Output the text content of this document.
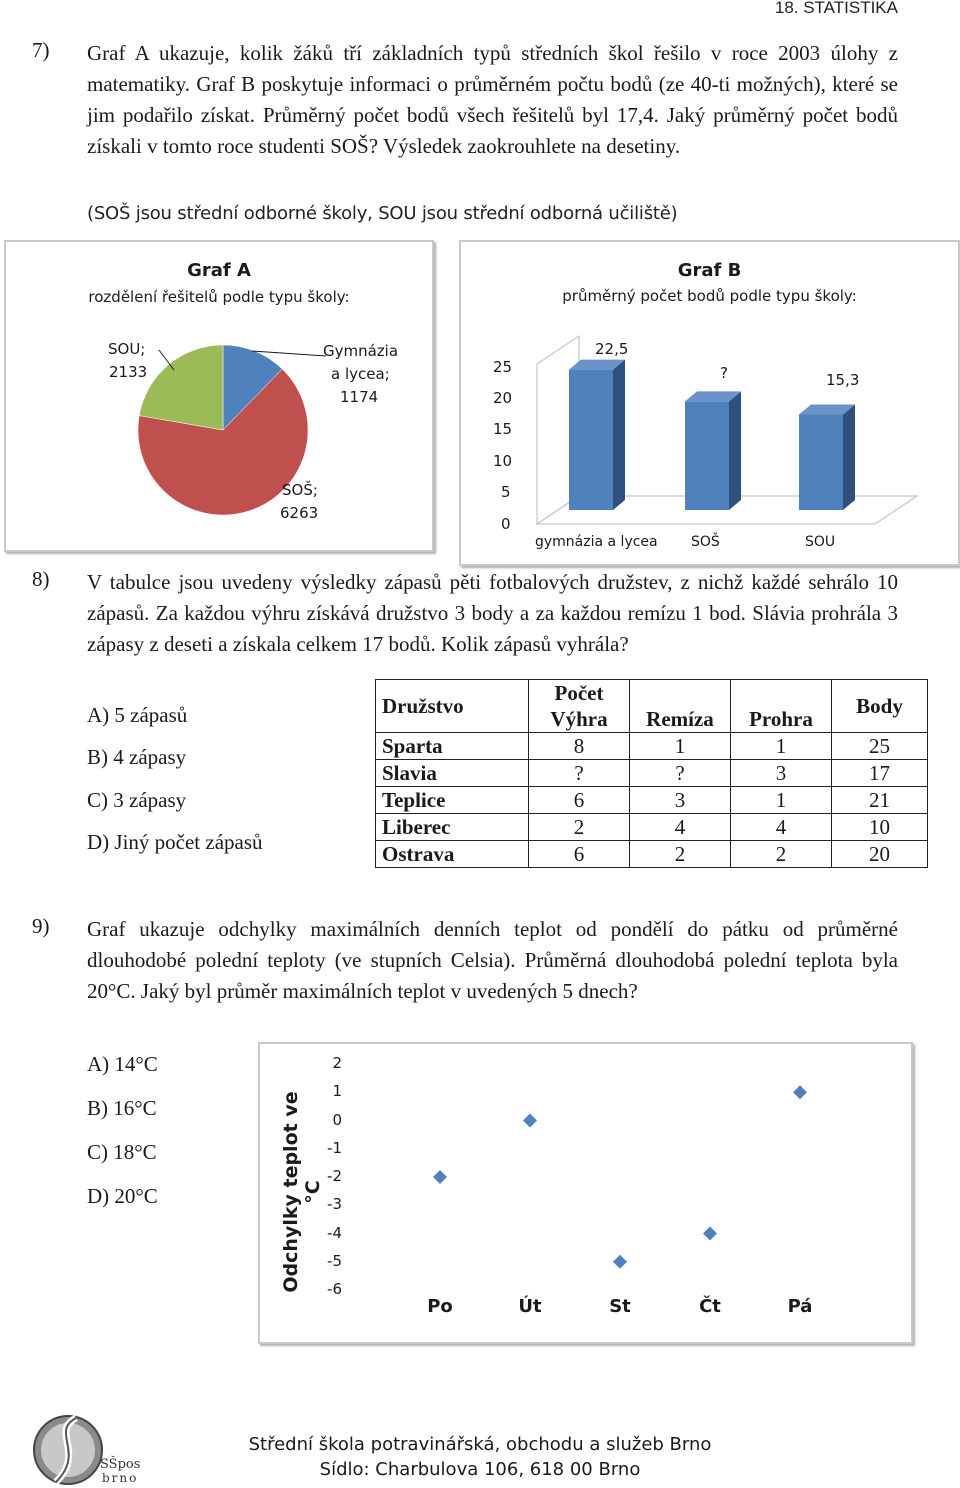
18. STATISTIKA
7) Graf A ukazuje, kolik žáků tří základních typů středních škol řešilo v roce 2003 úlohy z matematiky. Graf B poskytuje informaci o průměrném počtu bodů (ze 40-ti možných), které se jim podařilo získat. Průměrný počet bodů všech řešitelů byl 17,4. Jaký průměrný počet bodů získali v tomto roce studenti SOŠ? Výsledek zaokrouhlete na desetiny.

(SOŠ jsou střední odborné školy, SOU jsou střední odborná učiliště)
Graf A
rozdělení řešitelů podle typu školy:
SOU;
2133
Gymnázia
a lycea;
1174
SOŠ;
6263
Graf B
průměrný počet bodů podle typu školy:
25
20
15
10
5
0
22,5
?	15,3
gymnázia a lycea SOŠ	SOU
8) V tabulce jsou uvedeny výsledky zápasů pěti fotbalových družstev, z nichž každé sehrálo 10 zápasů. Za každou výhru získává družstvo 3 body a za každou remízu 1 bod. Slávia prohrála 3 zápasy z deseti a získala celkem 17 bodů. Kolik zápasů vyhrála?

A) 5 zápasů
B) 4 zápasy
C) 3 zápasy
D) Jiný počet zápasů
Družstvo	Počet			Body
	Výhra	Remíza	Prohra	
Sparta	8	1	1	25
Slavia	?	?	3	17
Teplice	6	3	1	21
Liberec	2	4	4	10
Ostrava	6	2	2	20
9) Graf ukazuje odchylky maximálních denních teplot od pondělí do pátku od průměrné dlouhodobé polední teploty (ve stupních Celsia). Průměrná dlouhodobá polední teplota byla 20°C. Jaký byl průměr maximálních teplot v uvedených 5 dnech?

A) 14°C
B) 16°C
C) 18°C
D) 20°C	Odchylky teplot ve °C
2
1
0
-1
-2
-3
-4
-5
-6
Po	Út	St	Čt	Pá
SŠpos
brno
Střední škola potravinářská, obchodu a služeb Brno
Sídlo: Charbulova 106, 618 00 Brno
